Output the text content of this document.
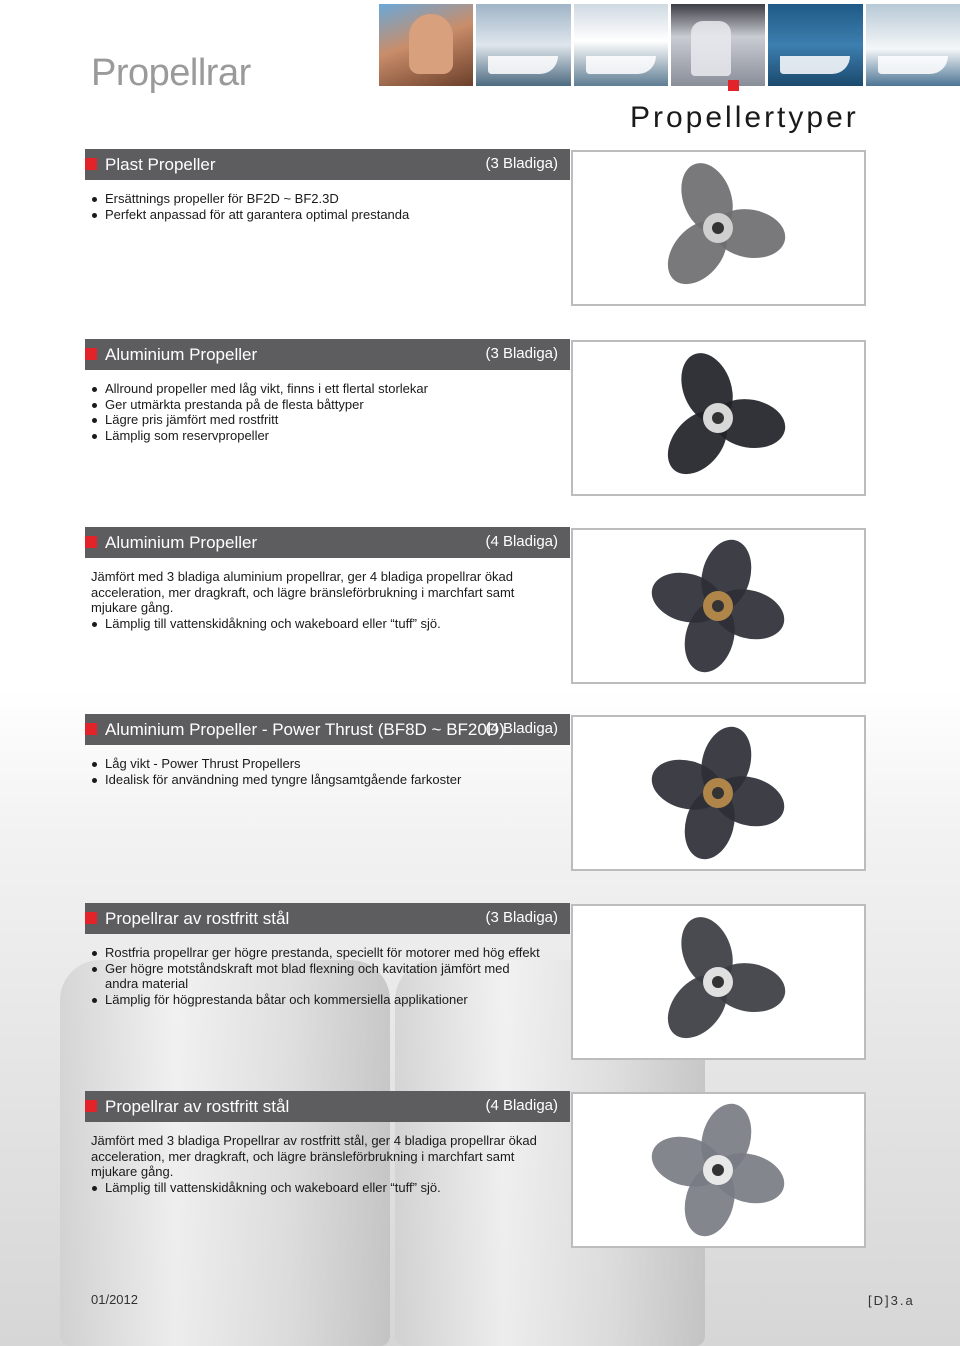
Propellrar
Propellertyper
Plast Propeller	(3 Bladiga)
Ersättnings propeller för BF2D ~ BF2.3D
Perfekt anpassad för att garantera optimal prestanda
Aluminium Propeller	(3 Bladiga)
Allround propeller med låg vikt, finns i ett flertal storlekar
Ger utmärkta prestanda på de flesta båttyper
Lägre pris jämfört med rostfritt
Lämplig som reservpropeller
Aluminium Propeller	(4 Bladiga)

Jämfört med 3 bladiga aluminium propellrar, ger 4 bladiga propellrar ökad acceleration, mer dragkraft, och lägre bränsleförbrukning i marchfart samt mjukare gång.

Lämplig till vattenskidåkning och wakeboard eller “tuff” sjö.
Aluminium Propeller - Power Thrust (BF8D ~ BF20D)
(4 Bladiga)
Låg vikt - Power Thrust Propellers
Idealisk för användning med tyngre långsamtgående farkoster
Propellrar av rostfritt stål	(3 Bladiga)
Rostfria propellrar ger högre prestanda, speciellt för motorer med hög effekt
Ger högre motståndskraft mot blad flexning och kavitation jämfört med andra material
Lämplig för högprestanda båtar och kommersiella applikationer
Propellrar av rostfritt stål	(4 Bladiga)

Jämfört med 3 bladiga Propellrar av rostfritt stål, ger 4 bladiga propellrar ökad acceleration, mer dragkraft, och lägre bränsleförbrukning i marchfart samt mjukare gång.

Lämplig till vattenskidåkning och wakeboard eller “tuff” sjö.
01/2012	[D]3.a
